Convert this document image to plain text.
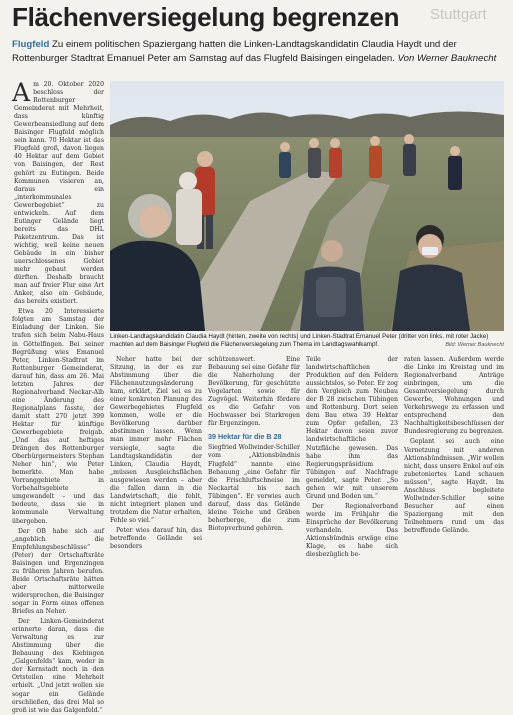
Flächenversiegelung begrenzen	Stuttgart
Flugfeld Zu einem politischen Spaziergang hatten die Linken-Landtagskandidatin Claudia Haydt und der Rottenburger Stadtrat Emanuel Peter am Samstag auf das Flugfeld Baisingen eingeladen. Von Werner Bauknecht
A m 20. Oktober 2020 beschloss der Rottenburger Gemeinderat mit Mehrheit, dass künftig Gewerbeansiedlung auf dem Baisinger Flugfeld möglich sein kann. 70 Hektar ist das Flugfeld groß, davon liegen 40 Hektar auf dem Gebiet von Baisingen, der Rest gehört zu Eutingen. Beide Kommunen visieren an, daraus ein „interkommunales Gewerbegebiet“ zu entwickeln. Auf dem Eutinger Gelände liegt bereits das DHL Paketzentrum. Das ist wichtig, weil keine neuen Gebäude in ein bisher unerschlossenes Gebiet mehr gebaut werden dürften. Deshalb braucht man auf freier Flur eine Art Anker, also ein Gebäude, das bereits existiert.

Etwa 20 Interessierte folgten am Samstag der Einladung der Linken. Sie trafen sich beim Nabu-Haus in Göttelfingen. Bei seiner Begrüßung wies Emanuel Peter, Linken-Stadtrat im Rottenburger Gemeinderat, darauf hin, dass am 26. Mai letzten Jahres der Regionalverband Neckar-Alb eine Änderung des Regionalplans fasste, der damit statt 270 jetzt 399 Hektar für künftige Gewerbegebiete freigab. „Und das auf heftiges Drängen des Rottenburger Oberbürgermeisters Stephan Neher hin“, wie Peter bemerkte. Man habe Vorranggebiete in Vorbehaltsgebiete umgewandelt – und das bedeute, dass sie in kommunale Verwaltung übergeben.

Der OB habe sich auf „angeblich die Empfehlungsbeschlüsse“ (Peter) der Ortschaftsräte Baisingen und Ergenzingen zu früheren Jahren berufen. Beide Ortschaftsräte hätten aber mitterweile widersprochen, die Baisinger sogar in Form eines offenen Briefes an Neher.

Der Linken-Gemeinderat erinnerte daran, dass die Verwaltung es zur Abstimmung über die Bebauung des Kiebingen „Galgenfelds“ kam, weder in der Kernstadt noch in den Ortsteilen eine Mehrheit erhielt. „Und jetzt wollen sie sogar ein Gelände erschließen, das drei Mal so groß ist wie das Galgenfeld.“

Linken-Landtagskandidatin Claudia Haydt (hinten, zweite von rechts) und Linken-Stadtrat Emanuel Peter (dritter von links, mit roter Jacke) machten auf dem Baisinger Flugfeld die Flächenversiegelung zum Thema im Landtagswahlkampf.	Bild: Werner Bauknecht

Neher hatte bei der Sitzung, in der es zur Abstimmung über die Flächennutzungsänderung kam, erklärt, Ziel sei es zu einer konkreten Planung des Gewerbegebietes Flugfeld kommen, wolle er die Bevölkerung darüber abstimmen lassen. Wenn man immer mehr Flächen versiegle, sagte die Landtagskandidatin der Linken, Claudia Haydt, „müssen Ausgleichsflächen ausgewiesen werden – aber die fallen dann in die Landwirtschaft, die fehlt, nicht integriert planen und trotzdem die Natur erhalten, Fehle so viel.“

Peter wies darauf hin, das betreffende Gelände sei besonders

schützenswert. Eine Bebauung sei eine Gefahr für die Naherholung der Bevölkerung, für geschützte Vogelarten sowie für Zugvögel. Weiterhin fördere es die Gefahr von Hochwasser bei Starkregen für Ergenzingen.

39 Hektar für die B 28

Siegfried Wollwinder-Schiller vom „Aktionsbündnis Flugfeld“ nannte eine Bebauung „eine Gefahr für die Frischluftschneise im Neckartal bis nach Tübingen“. Er verwies auch darauf, dass das Gelände kleine Teiche und Gräben beherberge, die zum Biotopverbund gehören.

Teile der landwirtschaftlichen Produktion auf den Feldern aussichtslos, so Peter. Er zog den Vergleich zum Neubau der B 28 zwischen Tübingen und Rottenburg. Dort seien dem Bau etwa 39 Hektar zum Opfer gefallen, 23 Hektar davon seien zuvor landwirtschaftliche Nutzfläche gewesen. Das habe ihm das Regierungspräsidium Tübingen auf Nachfrage gemeldet, sagte Peter. „So gehen wir mit unserem Grund und Boden um.“

Der Regionalverband werde im Frühjahr die Einsprüche der Bevölkerung verhandeln. Das Aktionsbündnis erwäge eine Klage, es habe sich diesbezüglich be-

raten lassen. Außerdem werde die Linke im Kreistag und im Regionalverband Anträge einbringen, um die Gesamtversiegelung durch Gewerbe, Wohnungen und Verkehrswege zu erfassen und entsprechend den Nachhaltigkeitsbeschlüssen der Bundesregierung zu begrenzen.

Geplant sei auch eine Vernetzung mit anderen Aktionsbündnissen. „Wir wollen nicht, dass unsere Enkel auf ein zubetoniertes Land schauen müssen“, sagte Haydt. Im Anschluss begleitete Wollwinder-Schiller seine Besucher auf einen Spaziergang mit den Teilnehmern rund um das betreffende Gelände.
